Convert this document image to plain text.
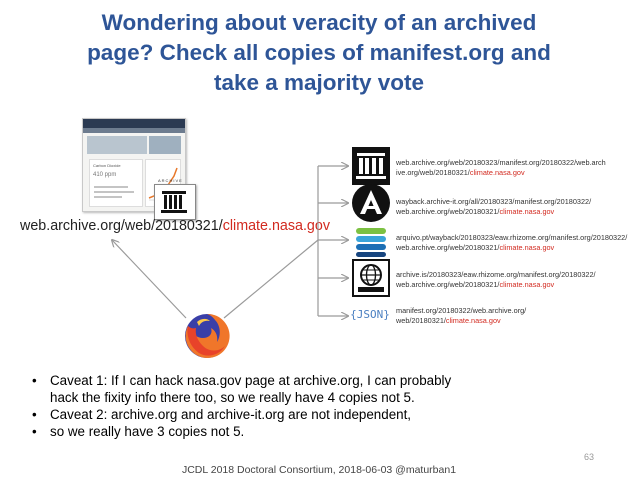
Wondering about veracity of an archived
page? Check all copies of manifest.org and
take a majority vote
Carbon Dioxide
410 ppm
ARCHIVE
web.archive.org/web/20180321/climate.nasa.gov
web.archive.org/web/20180323/manifest.org/20180322/web.arch
ive.org/web/20180321/climate.nasa.gov
wayback.archive-it.org/all/20180323/manifest.org/20180322/
web.archive.org/web/20180321/climate.nasa.gov
arquivo.pt/wayback/20180323/eaw.rhizome.org/manifest.org/20180322/
web.archive.org/web/20180321/climate.nasa.gov
archive.is/20180323/eaw.rhizome.org/manifest.org/20180322/
web.archive.org/web/20180321/climate.nasa.gov
{JSON} manifest.org/20180322/web.archive.org/
web/20180321/climate.nasa.gov
• Caveat 1: If I can hack nasa.gov page at archive.org, I can probably
hack the fixity info there too, so we really have 4 copies not 5.
• Caveat 2: archive.org and archive-it.org are not independent,
• so we really have 3 copies not 5.
63
JCDL 2018 Doctoral Consortium, 2018-06-03 @maturban1
